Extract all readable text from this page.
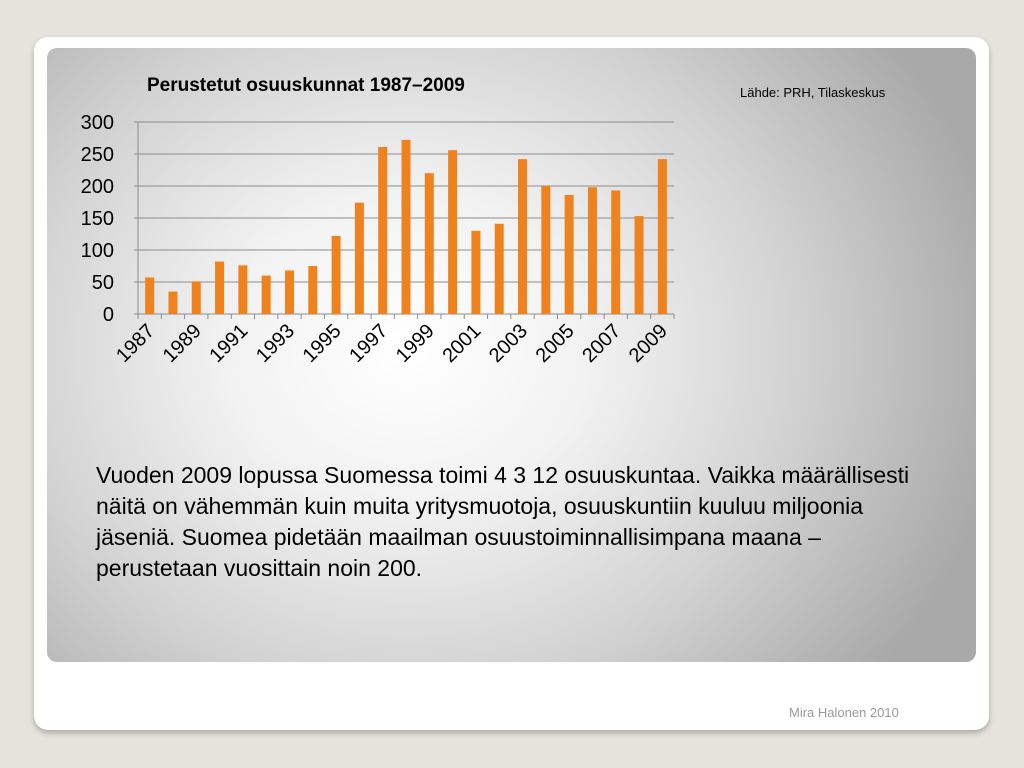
Perustetut osuuskunnat 1987–2009
0
50
100
150
200
250
300
1987 1989 1991 1993 1995 1997 1999 2001 2003 2005 2007 2009
Lähde: PRH, Tilaskeskus
Vuoden 2009 lopussa Suomessa toimi 4 3 12 osuuskuntaa. Vaikka määrällisesti näitä on vähemmän kuin muita yritysmuotoja, osuuskuntiin kuuluu miljoonia jäseniä. Suomea pidetään maailman osuustoiminnallisimpana maana – perustetaan vuosittain noin 200.
Mira Halonen 2010
